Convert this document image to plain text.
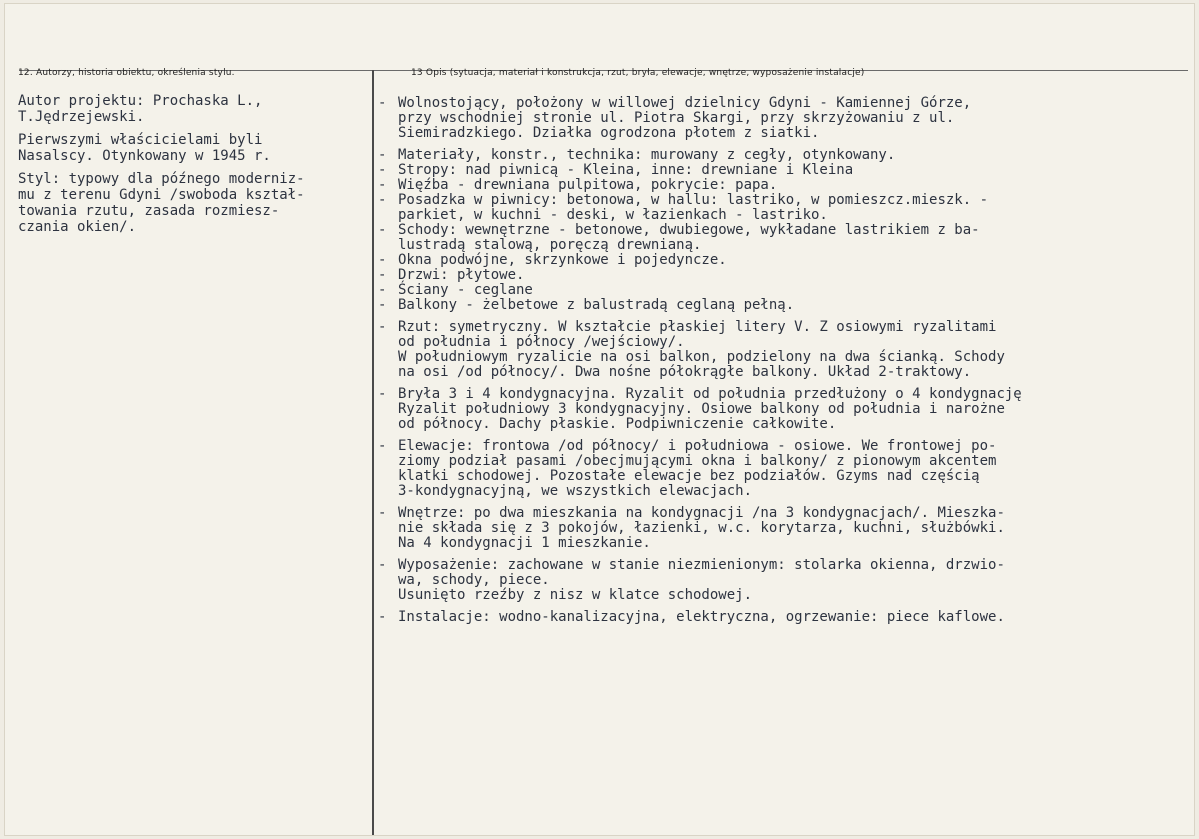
12. Autorzy, historia obiektu, określenia stylu.	13 Opis (sytuacja, materiał i konstrukcja, rzut, bryła, elewacje, wnętrze, wyposażenie instalacje)
Autor projektu: Prochaska L.,
T.Jędrzejewski.
Pierwszymi właścicielami byli
Nasalscy. Otynkowany w 1945 r.
Styl: typowy dla późnego moderniz-
mu z terenu Gdyni /swoboda kształ-
towania rzutu, zasada rozmiesz-
czania okien/.
- Wolnostojący, położony w willowej dzielnicy Gdyni - Kamiennej Górze,
przy wschodniej stronie ul. Piotra Skargi, przy skrzyżowaniu z ul.
Siemiradzkiego. Działka ogrodzona płotem z siatki.
- Materiały, konstr., technika: murowany z cegły, otynkowany.
- Stropy: nad piwnicą - Kleina, inne: drewniane i Kleina
- Więźba - drewniana pulpitowa, pokrycie: papa.
- Posadzka w piwnicy: betonowa, w hallu: lastriko, w pomieszcz.mieszk. -
parkiet, w kuchni - deski, w łazienkach - lastriko.
- Schody: wewnętrzne - betonowe, dwubiegowe, wykładane lastrikiem z ba-
lustradą stalową, poręczą drewnianą.
- Okna podwójne, skrzynkowe i pojedyncze.
- Drzwi: płytowe.
- Ściany - ceglane
- Balkony - żelbetowe z balustradą ceglaną pełną.
- Rzut: symetryczny. W kształcie płaskiej litery V. Z osiowymi ryzalitami
od południa i północy /wejściowy/.
W południowym ryzalicie na osi balkon, podzielony na dwa ścianką. Schody
na osi /od północy/. Dwa nośne półokrągłe balkony. Układ 2-traktowy.
- Bryła 3 i 4 kondygnacyjna. Ryzalit od południa przedłużony o 4 kondygnację
Ryzalit południowy 3 kondygnacyjny. Osiowe balkony od południa i narożne
od północy. Dachy płaskie. Podpiwniczenie całkowite.
- Elewacje: frontowa /od północy/ i południowa - osiowe. We frontowej po-
ziomy podział pasami /obecjmującymi okna i balkony/ z pionowym akcentem
klatki schodowej. Pozostałe elewacje bez podziałów. Gzyms nad częścią
3-kondygnacyjną, we wszystkich elewacjach.
- Wnętrze: po dwa mieszkania na kondygnacji /na 3 kondygnacjach/. Mieszka-
nie składa się z 3 pokojów, łazienki, w.c. korytarza, kuchni, służbówki.
Na 4 kondygnacji 1 mieszkanie.
- Wyposażenie: zachowane w stanie niezmienionym: stolarka okienna, drzwio-
wa, schody, piece.
Usunięto rzeźby z nisz w klatce schodowej.
- Instalacje: wodno-kanalizacyjna, elektryczna, ogrzewanie: piece kaflowe.
